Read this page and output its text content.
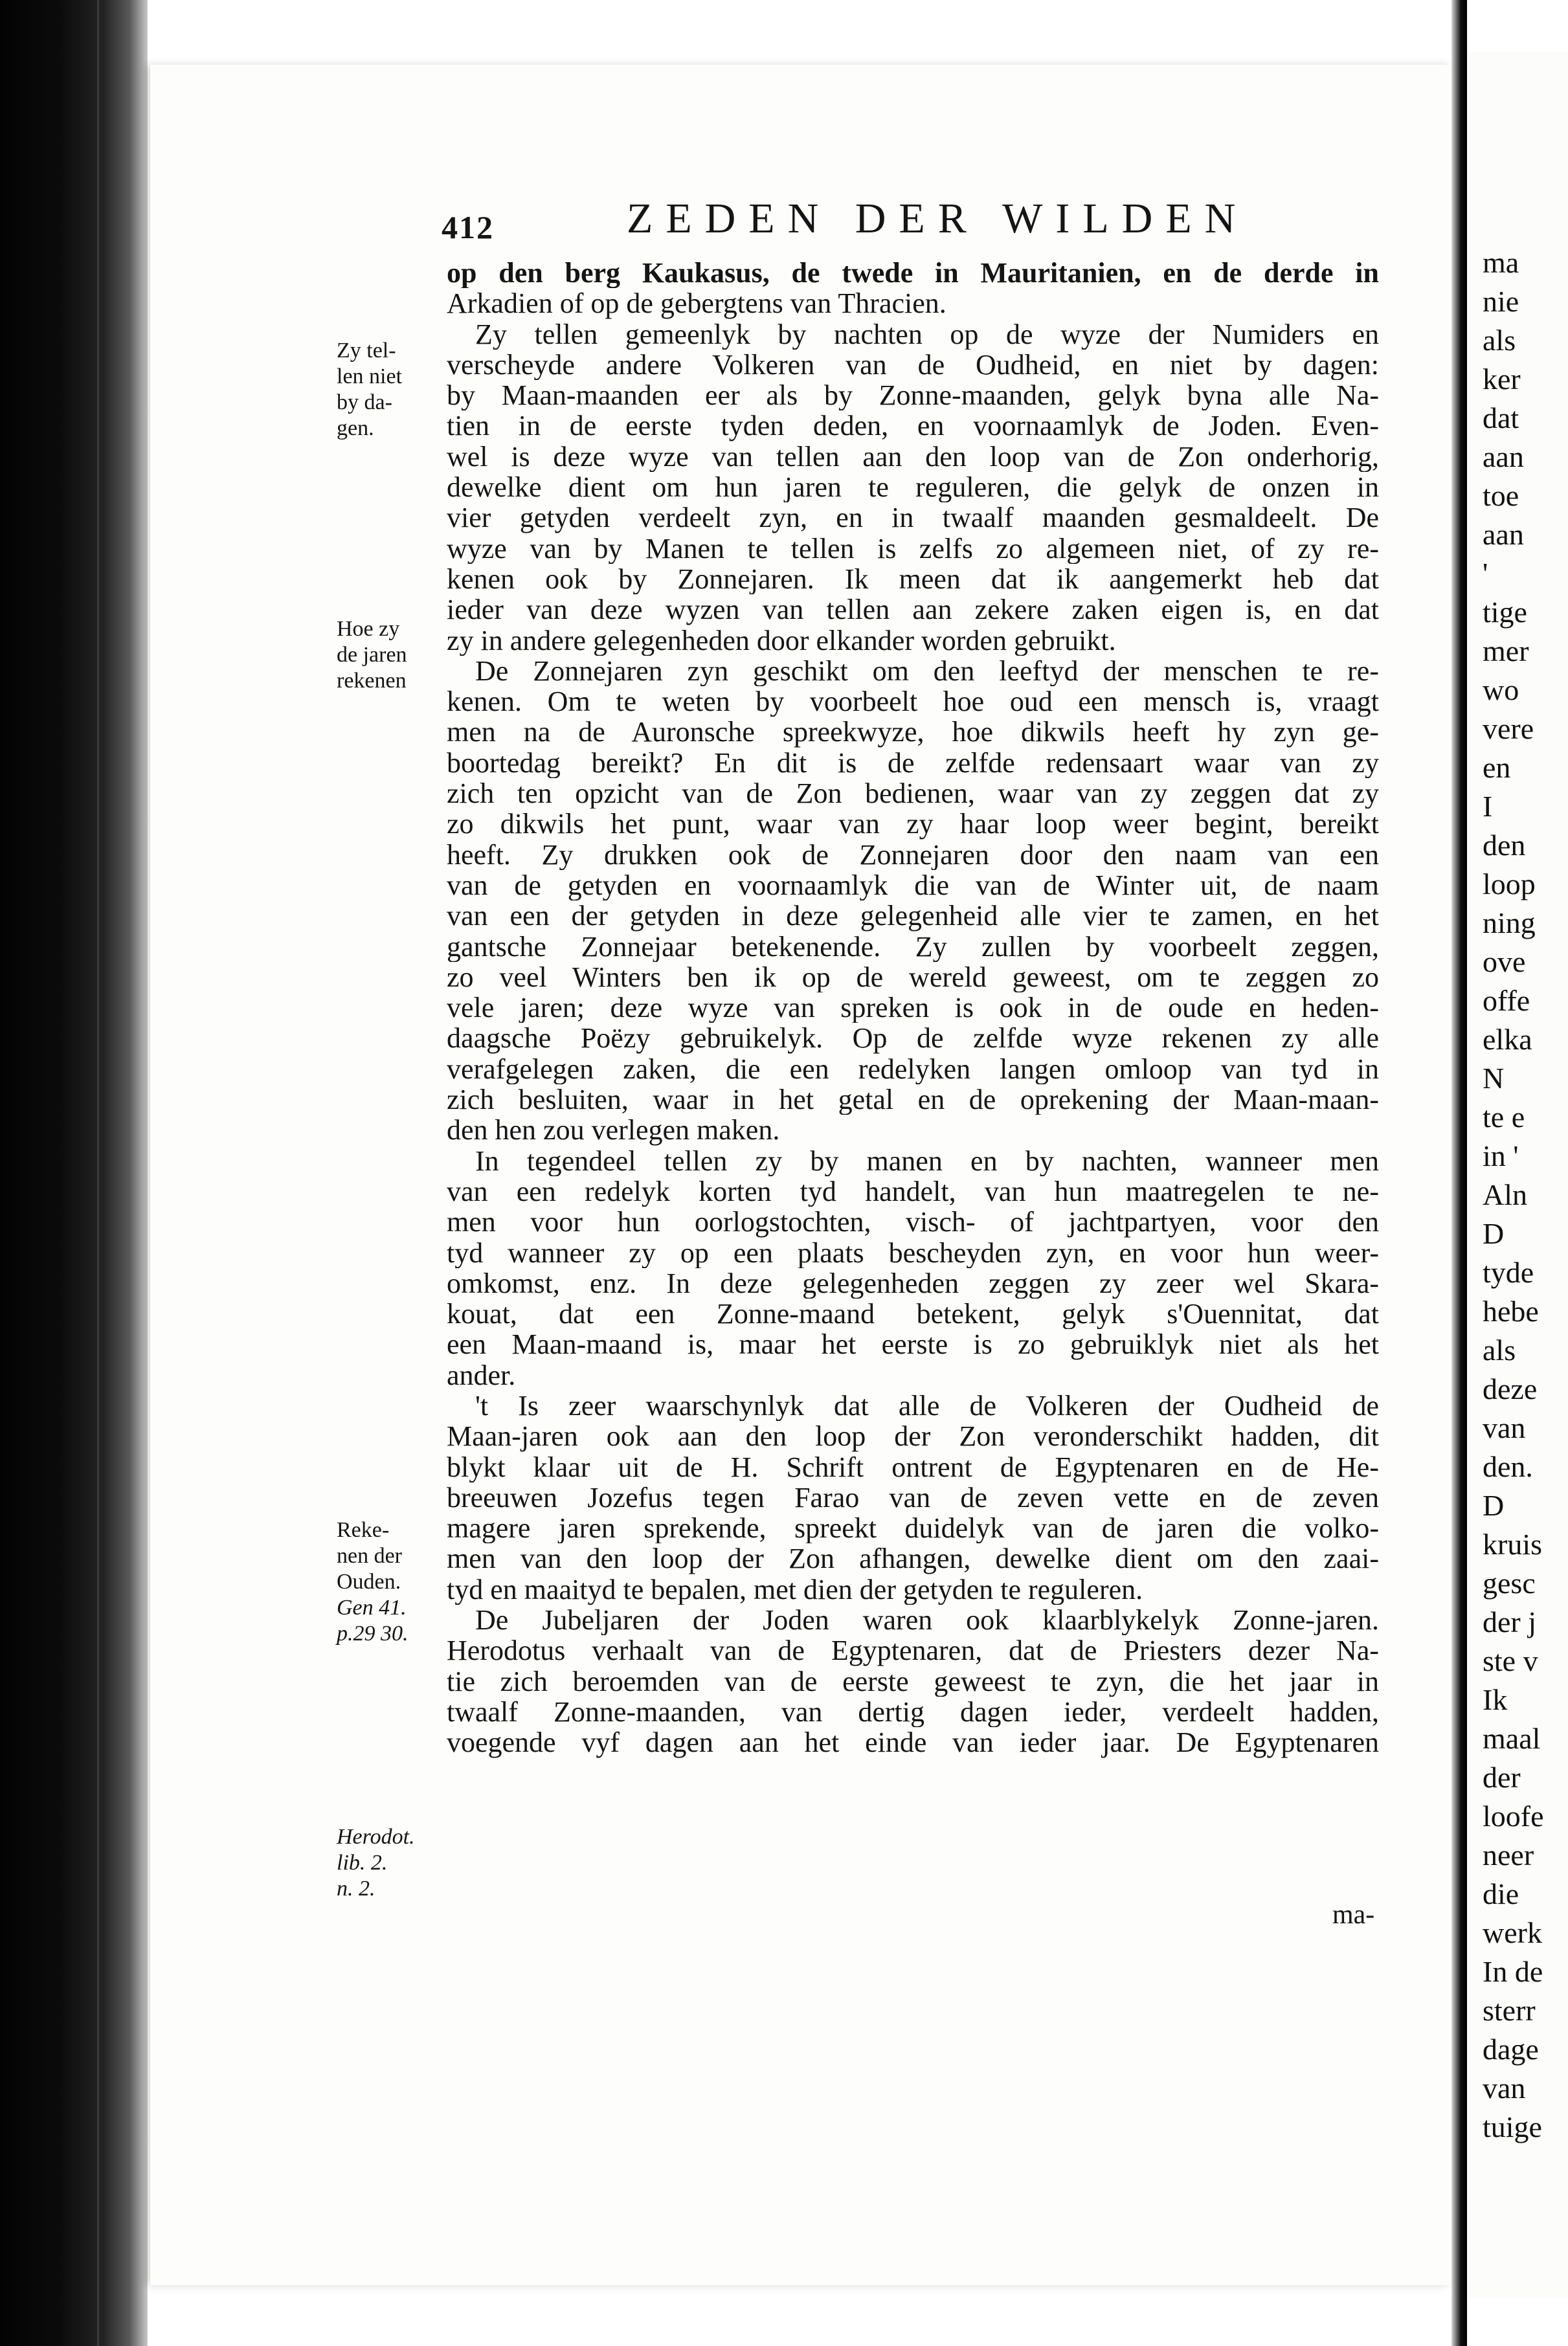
ma
nie
als
ker
dat
aan
toe
aan
'
tige
mer
wo
vere
en
I
den
loop
ning
ove
offe
elka
N
te e
in '
Aln
D
tyde
hebe
als
deze
van
den.
D
kruis
gesc
der j
ste v
Ik
maal
der
loofe
neer
die
werk
In de
sterr
dage
van
tuige
412	ZEDEN DER WILDEN
op den berg Kaukasus, de twede in Mauritanien, en de derde in
Arkadien of op de gebergtens van Thracien.
Zy tellen gemeenlyk by nachten op de wyze der Numiders en
verscheyde andere Volkeren van de Oudheid, en niet by dagen:
by Maan-maanden eer als by Zonne-maanden, gelyk byna alle Na-
tien in de eerste tyden deden, en voornaamlyk de Joden. Even-
wel is deze wyze van tellen aan den loop van de Zon onderhorig,
dewelke dient om hun jaren te reguleren, die gelyk de onzen in
vier getyden verdeelt zyn, en in twaalf maanden gesmaldeelt. De
wyze van by Manen te tellen is zelfs zo algemeen niet, of zy re-
kenen ook by Zonnejaren. Ik meen dat ik aangemerkt heb dat
ieder van deze wyzen van tellen aan zekere zaken eigen is, en dat
zy in andere gelegenheden door elkander worden gebruikt.
De Zonnejaren zyn geschikt om den leeftyd der menschen te re-
kenen. Om te weten by voorbeelt hoe oud een mensch is, vraagt
men na de Auronsche spreekwyze, hoe dikwils heeft hy zyn ge-
boortedag bereikt? En dit is de zelfde redensaart waar van zy
zich ten opzicht van de Zon bedienen, waar van zy zeggen dat zy
zo dikwils het punt, waar van zy haar loop weer begint, bereikt
heeft. Zy drukken ook de Zonnejaren door den naam van een
van de getyden en voornaamlyk die van de Winter uit, de naam
van een der getyden in deze gelegenheid alle vier te zamen, en het
gantsche Zonnejaar betekenende. Zy zullen by voorbeelt zeggen,
zo veel Winters ben ik op de wereld geweest, om te zeggen zo
vele jaren; deze wyze van spreken is ook in de oude en heden-
daagsche Poëzy gebruikelyk. Op de zelfde wyze rekenen zy alle
verafgelegen zaken, die een redelyken langen omloop van tyd in
zich besluiten, waar in het getal en de oprekening der Maan-maan-
den hen zou verlegen maken.
In tegendeel tellen zy by manen en by nachten, wanneer men
van een redelyk korten tyd handelt, van hun maatregelen te ne-
men voor hun oorlogstochten, visch- of jachtpartyen, voor den
tyd wanneer zy op een plaats bescheyden zyn, en voor hun weer-
omkomst, enz. In deze gelegenheden zeggen zy zeer wel Skara-
kouat, dat een Zonne-maand betekent, gelyk s'Ouennitat, dat
een Maan-maand is, maar het eerste is zo gebruiklyk niet als het
ander.
't Is zeer waarschynlyk dat alle de Volkeren der Oudheid de
Maan-jaren ook aan den loop der Zon veronderschikt hadden, dit
blykt klaar uit de H. Schrift ontrent de Egyptenaren en de He-
breeuwen Jozefus tegen Farao van de zeven vette en de zeven
magere jaren sprekende, spreekt duidelyk van de jaren die volko-
men van den loop der Zon afhangen, dewelke dient om den zaai-
tyd en maaityd te bepalen, met dien der getyden te reguleren.
De Jubeljaren der Joden waren ook klaarblykelyk Zonne-jaren.
Herodotus verhaalt van de Egyptenaren, dat de Priesters dezer Na-
tie zich beroemden van de eerste geweest te zyn, die het jaar in
twaalf Zonne-maanden, van dertig dagen ieder, verdeelt hadden,
voegende vyf dagen aan het einde van ieder jaar. De Egyptenaren
Zy tel-
len niet
by da-
gen.
Hoe zy
de jaren
rekenen
Reke-
nen der
Ouden.
Gen 41.
p.29 30.
Herodot.
lib. 2.
n. 2.
ma-
